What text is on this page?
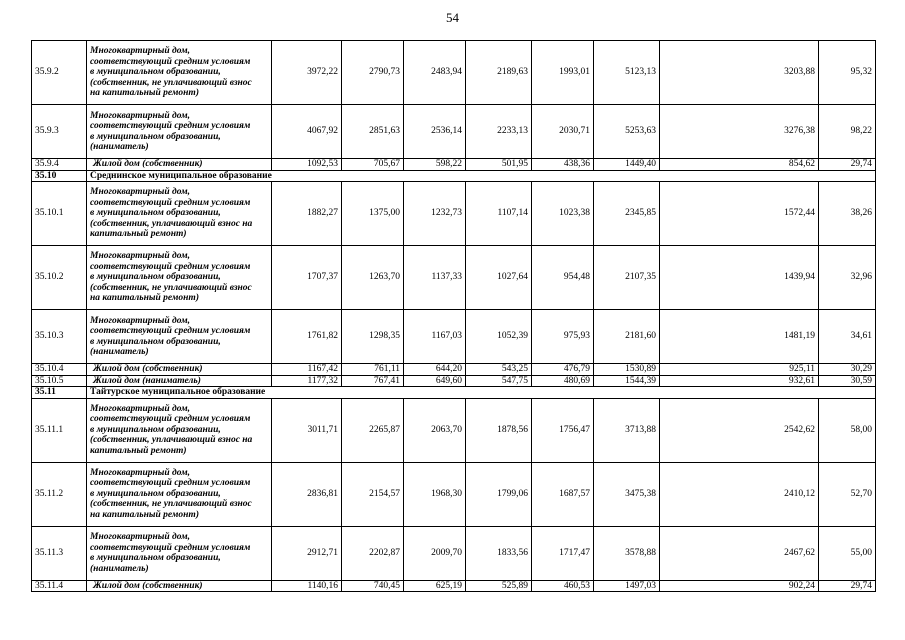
54
35.9.2	Многоквартирный дом,
соответствующий средним условиям
в муниципальном образовании,
(собственник, не уплачивающий взнос
на капитальный ремонт)	3972,22	2790,73	2483,94	2189,63	1993,01	5123,13	3203,88	95,32
35.9.3	Многоквартирный дом,
соответствующий средним условиям
в муниципальном образовании,
(наниматель)	4067,92	2851,63	2536,14	2233,13	2030,71	5253,63	3276,38	98,22
35.9.4	Жилой дом (собственник)	1092,53	705,67	598,22	501,95	438,36	1449,40	854,62	29,74
35.10	Среднинское муниципальное образование								
35.10.1	Многоквартирный дом,
соответствующий средним условиям
в муниципальном образовании,
(собственник, уплачивающий взнос на
капитальный ремонт)	1882,27	1375,00	1232,73	1107,14	1023,38	2345,85	1572,44	38,26
35.10.2	Многоквартирный дом,
соответствующий средним условиям
в муниципальном образовании,
(собственник, не уплачивающий взнос
на капитальный ремонт)	1707,37	1263,70	1137,33	1027,64	954,48	2107,35	1439,94	32,96
35.10.3	Многоквартирный дом,
соответствующий средним условиям
в муниципальном образовании,
(наниматель)	1761,82	1298,35	1167,03	1052,39	975,93	2181,60	1481,19	34,61
35.10.4	Жилой дом (собственник)	1167,42	761,11	644,20	543,25	476,79	1530,89	925,11	30,29
35.10.5	Жилой дом (наниматель)	1177,32	767,41	649,60	547,75	480,69	1544,39	932,61	30,59
35.11	Тайтурское муниципальное образование								
35.11.1	Многоквартирный дом,
соответствующий средним условиям
в муниципальном образовании,
(собственник, уплачивающий взнос на
капитальный ремонт)	3011,71	2265,87	2063,70	1878,56	1756,47	3713,88	2542,62	58,00
35.11.2	Многоквартирный дом,
соответствующий средним условиям
в муниципальном образовании,
(собственник, не уплачивающий взнос
на капитальный ремонт)	2836,81	2154,57	1968,30	1799,06	1687,57	3475,38	2410,12	52,70
35.11.3	Многоквартирный дом,
соответствующий средним условиям
в муниципальном образовании,
(наниматель)	2912,71	2202,87	2009,70	1833,56	1717,47	3578,88	2467,62	55,00
35.11.4	Жилой дом (собственник)	1140,16	740,45	625,19	525,89	460,53	1497,03	902,24	29,74
